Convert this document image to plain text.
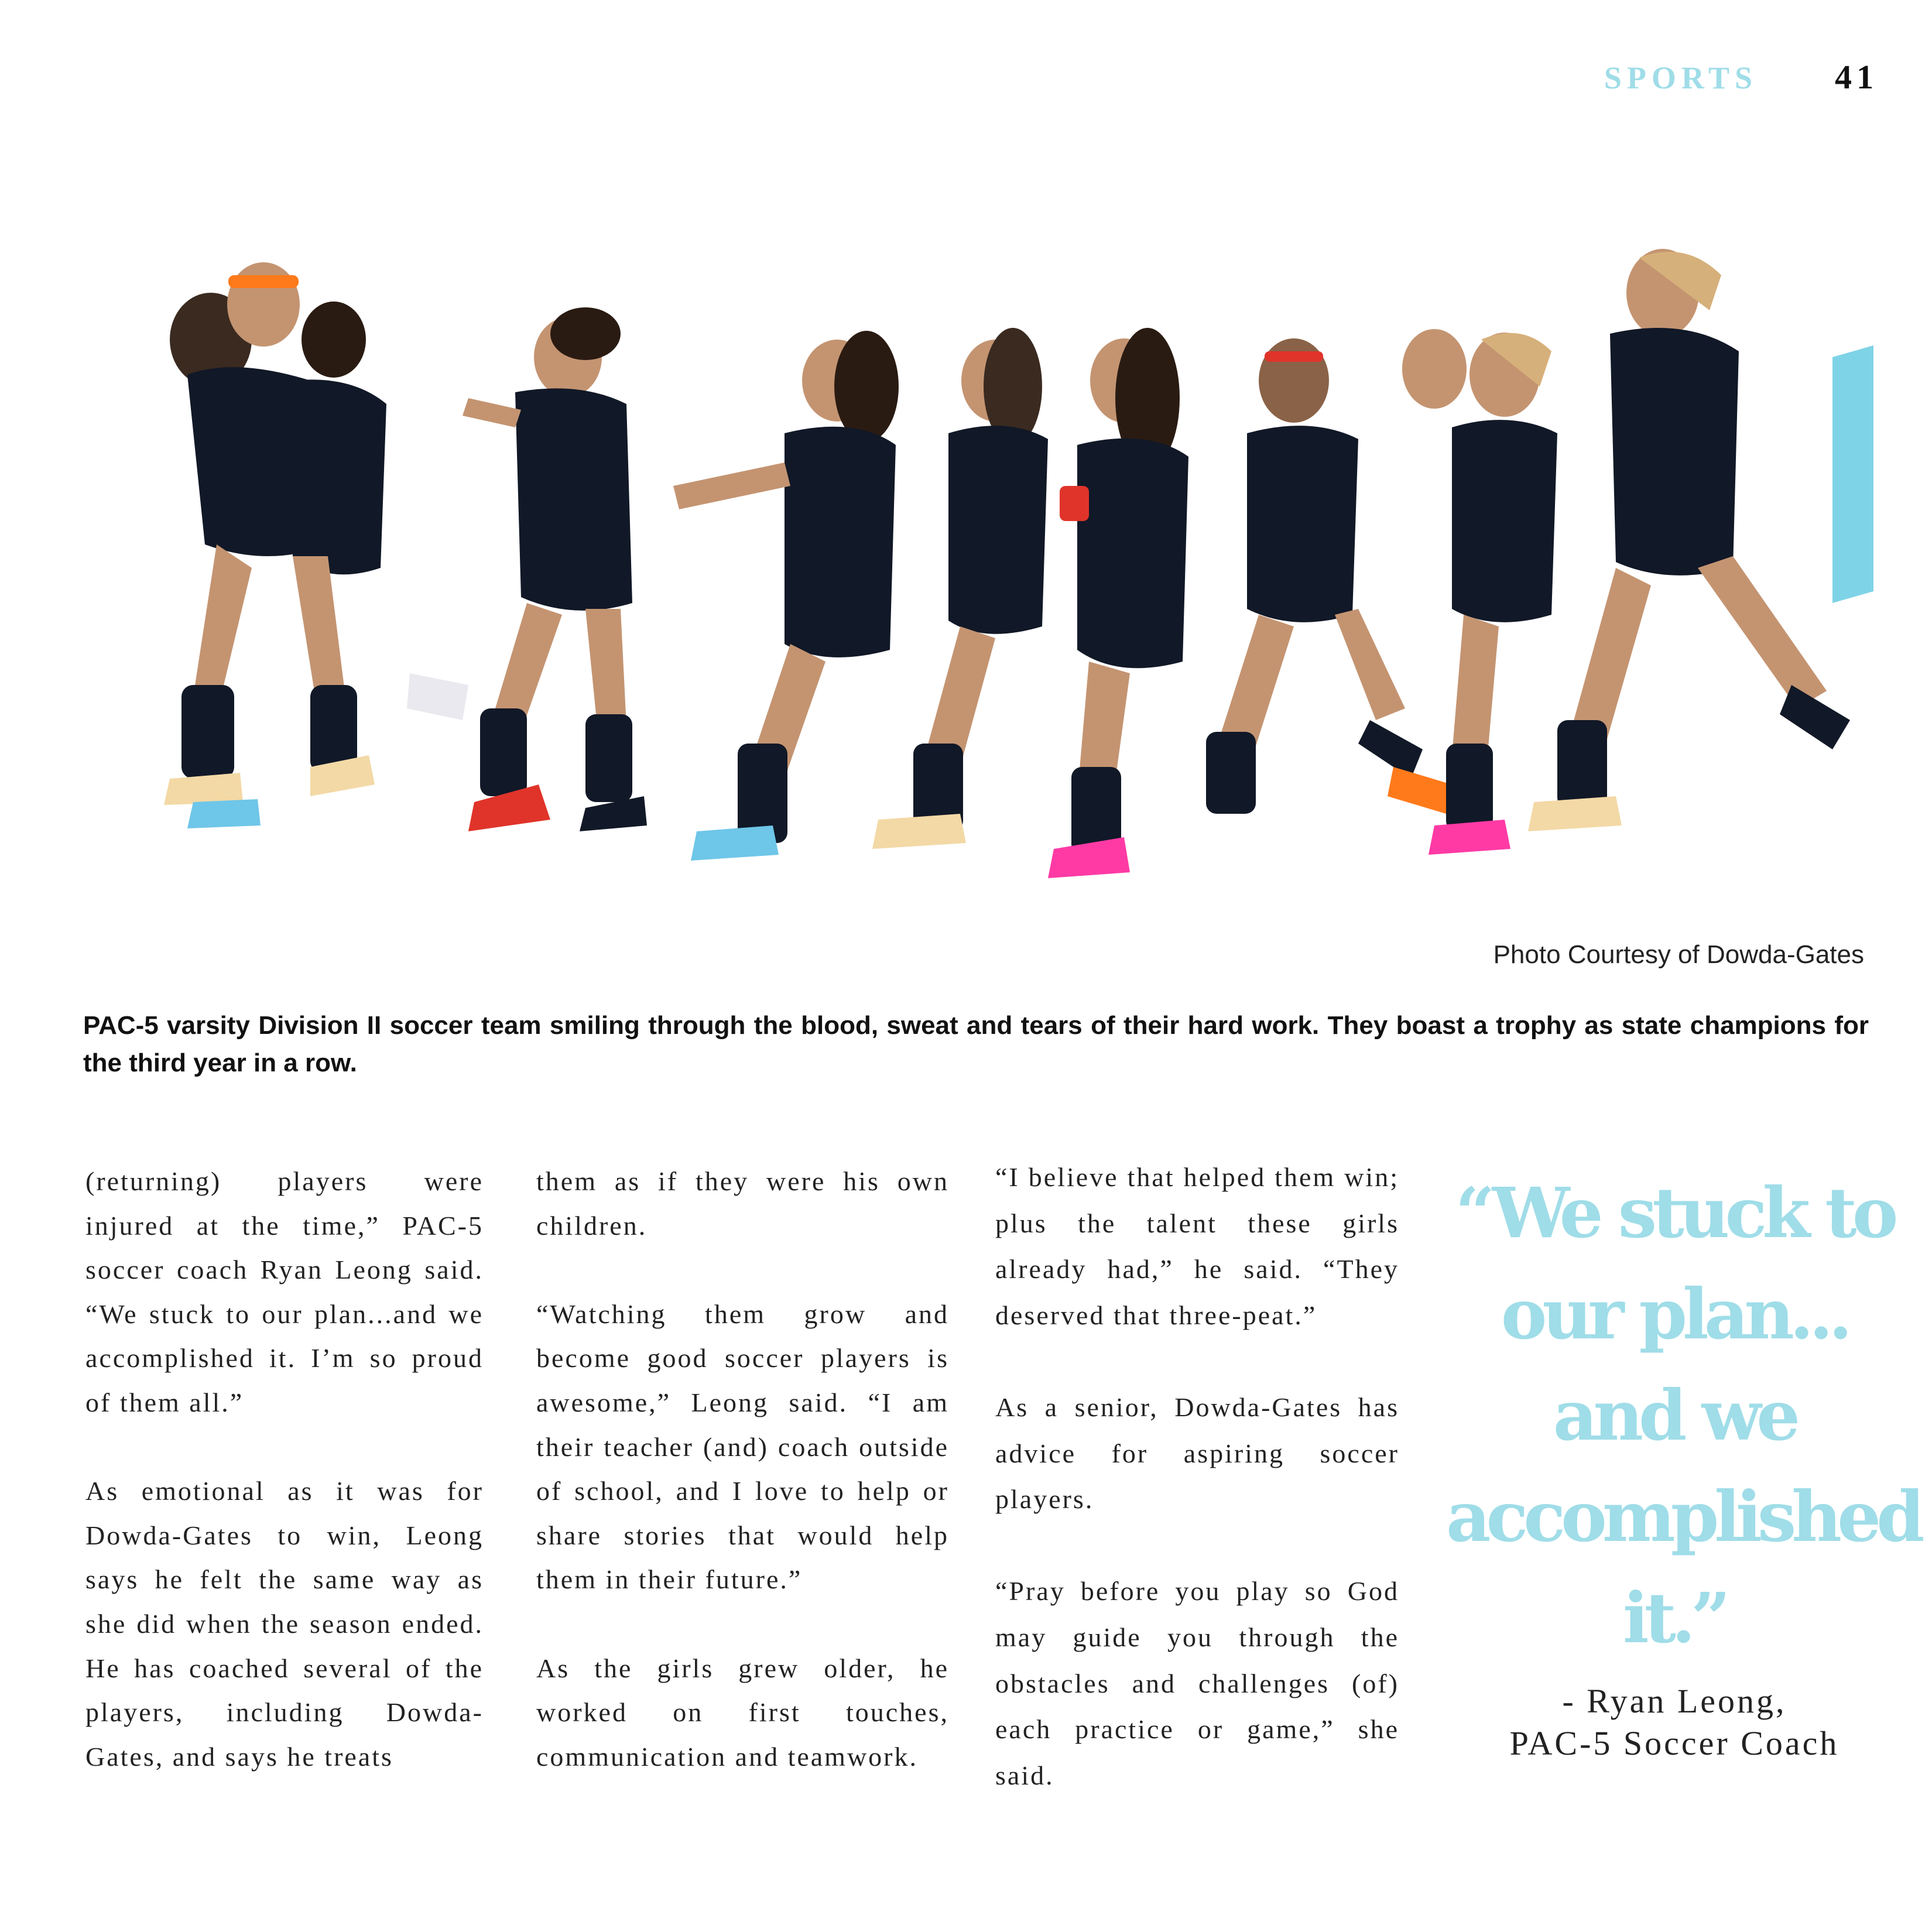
SPORTS 41
Photo Courtesy of Dowda-Gates
PAC-5 varsity Division II soccer team smiling through the blood, sweat and tears of their hard work. They boast a trophy as state champions for the third year in a row.

(returning) players were injured at the time,” PAC-5 soccer coach Ryan Leong said. “We stuck to our plan...and we accomplished it. I’m so proud of them all.”

As emotional as it was for Dowda-Gates to win, Leong says he felt the same way as she did when the season ended. He has coached several of the players, including Dowda-Gates, and says he treats

them as if they were his own children.

“Watching them grow and become good soccer players is awesome,” Leong said. “I am their teacher (and) coach outside of school, and I love to help or share stories that would help them in their future.”

As the girls grew older, he worked on first touches, communication and teamwork.

“I believe that helped them win; plus the talent these girls already had,” he said. “They deserved that three-peat.”

As a senior, Dowda-Gates has advice for aspiring soccer players.

“Pray before you play so God may guide you through the obstacles and challenges (of) each practice or game,” she said.

“We stuck to our plan... and we accomplished it.”
- Ryan Leong,
PAC-5 Soccer Coach
